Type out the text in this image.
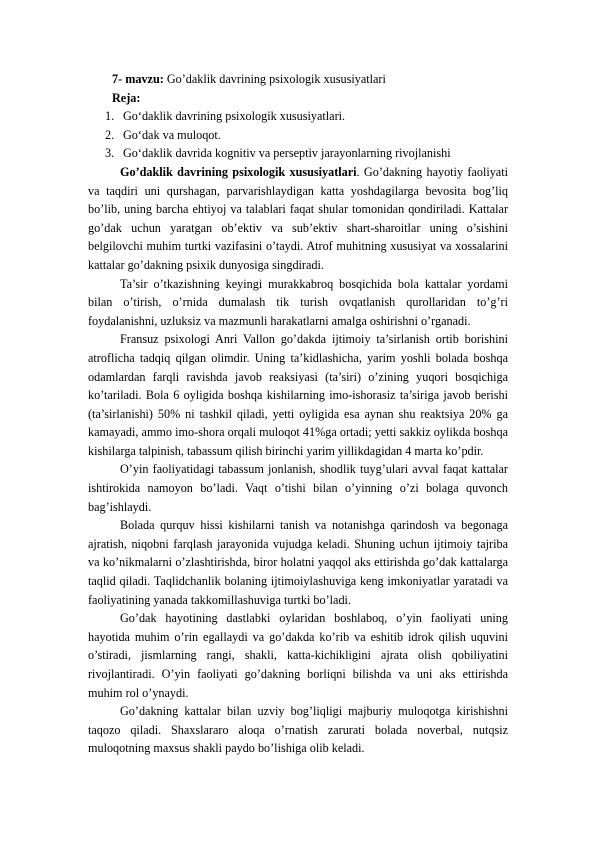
7- mavzu: Go’daklik davrining psixologik xususiyatlari
Reja:
1. Go‘daklik davrining psixologik xususiyatlari.
2. Go‘dak va muloqot.
3. Go‘daklik davrida kognitiv va perseptiv jarayonlarning rivojlanishi

Go’daklik davrining psixologik xususiyatlari. Go’dakning hayotiy faoliyati va taqdiri uni qurshagan, parvarishlaydigan katta yoshdagilarga bevosita bog’liq bo’lib, uning barcha ehtiyoj va talablari faqat shular tomonidan qondiriladi. Kattalar go’dak uchun yaratgan ob’ektiv va sub’ektiv shart-sharoitlar uning o’sishini belgilovchi muhim turtki vazifasini o’taydi. Atrof muhitning xususiyat va xossalarini kattalar go’dakning psixik dunyosiga singdiradi.

Ta’sir o’tkazishning keyingi murakkabroq bosqichida bola kattalar yordami bilan o’tirish, o’rnida dumalash tik turish ovqatlanish qurollaridan to’g’ri foydalanishni, uzluksiz va mazmunli harakatlarni amalga oshirishni o’rganadi.

Fransuz psixologi Anri Vallon go’dakda ijtimoiy ta’sirlanish ortib borishini atroflicha tadqiq qilgan olimdir. Uning ta’kidlashicha, yarim yoshli bolada boshqa odamlardan farqli ravishda javob reaksiyasi (ta’siri) o’zining yuqori bosqichiga ko’tariladi. Bola 6 oyligida boshqa kishilarning imo-ishorasiz ta’siriga javob berishi (ta’sirlanishi) 50% ni tashkil qiladi, yetti oyligida esa aynan shu reaktsiya 20% ga kamayadi, ammo imo-shora orqali muloqot 41%ga ortadi; yetti sakkiz oylikda boshqa kishilarga talpinish, tabassum qilish birinchi yarim yillikdagidan 4 marta ko’pdir.

O’yin faoliyatidagi tabassum jonlanish, shodlik tuyg’ulari avval faqat kattalar ishtirokida namoyon bo’ladi. Vaqt o’tishi bilan o’yinning o’zi bolaga quvonch bag’ishlaydi.

Bolada qurquv hissi kishilarni tanish va notanishga qarindosh va begonaga ajratish, niqobni farqlash jarayonida vujudga keladi. Shuning uchun ijtimoiy tajriba va ko’nikmalarni o’zlashtirishda, biror holatni yaqqol aks ettirishda go’dak kattalarga taqlid qiladi. Taqlidchanlik bolaning ijtimoiylashuviga keng imkoniyatlar yaratadi va faoliyatining yanada takkomillashuviga turtki bo’ladi.

Go’dak hayotining dastlabki oylaridan boshlaboq, o’yin faoliyati uning hayotida muhim o’rin egallaydi va go’dakda ko’rib va eshitib idrok qilish uquvini o’stiradi, jismlarning rangi, shakli, katta-kichikligini ajrata olish qobiliyatini rivojlantiradi. O’yin faoliyati go’dakning borliqni bilishda va uni aks ettirishda muhim rol o’ynaydi.

Go’dakning kattalar bilan uzviy bog’liqligi majburiy muloqotga kirishishni taqozo qiladi. Shaxslararo aloqa o’rnatish zarurati bolada noverbal, nutqsiz muloqotning maxsus shakli paydo bo’lishiga olib keladi.
